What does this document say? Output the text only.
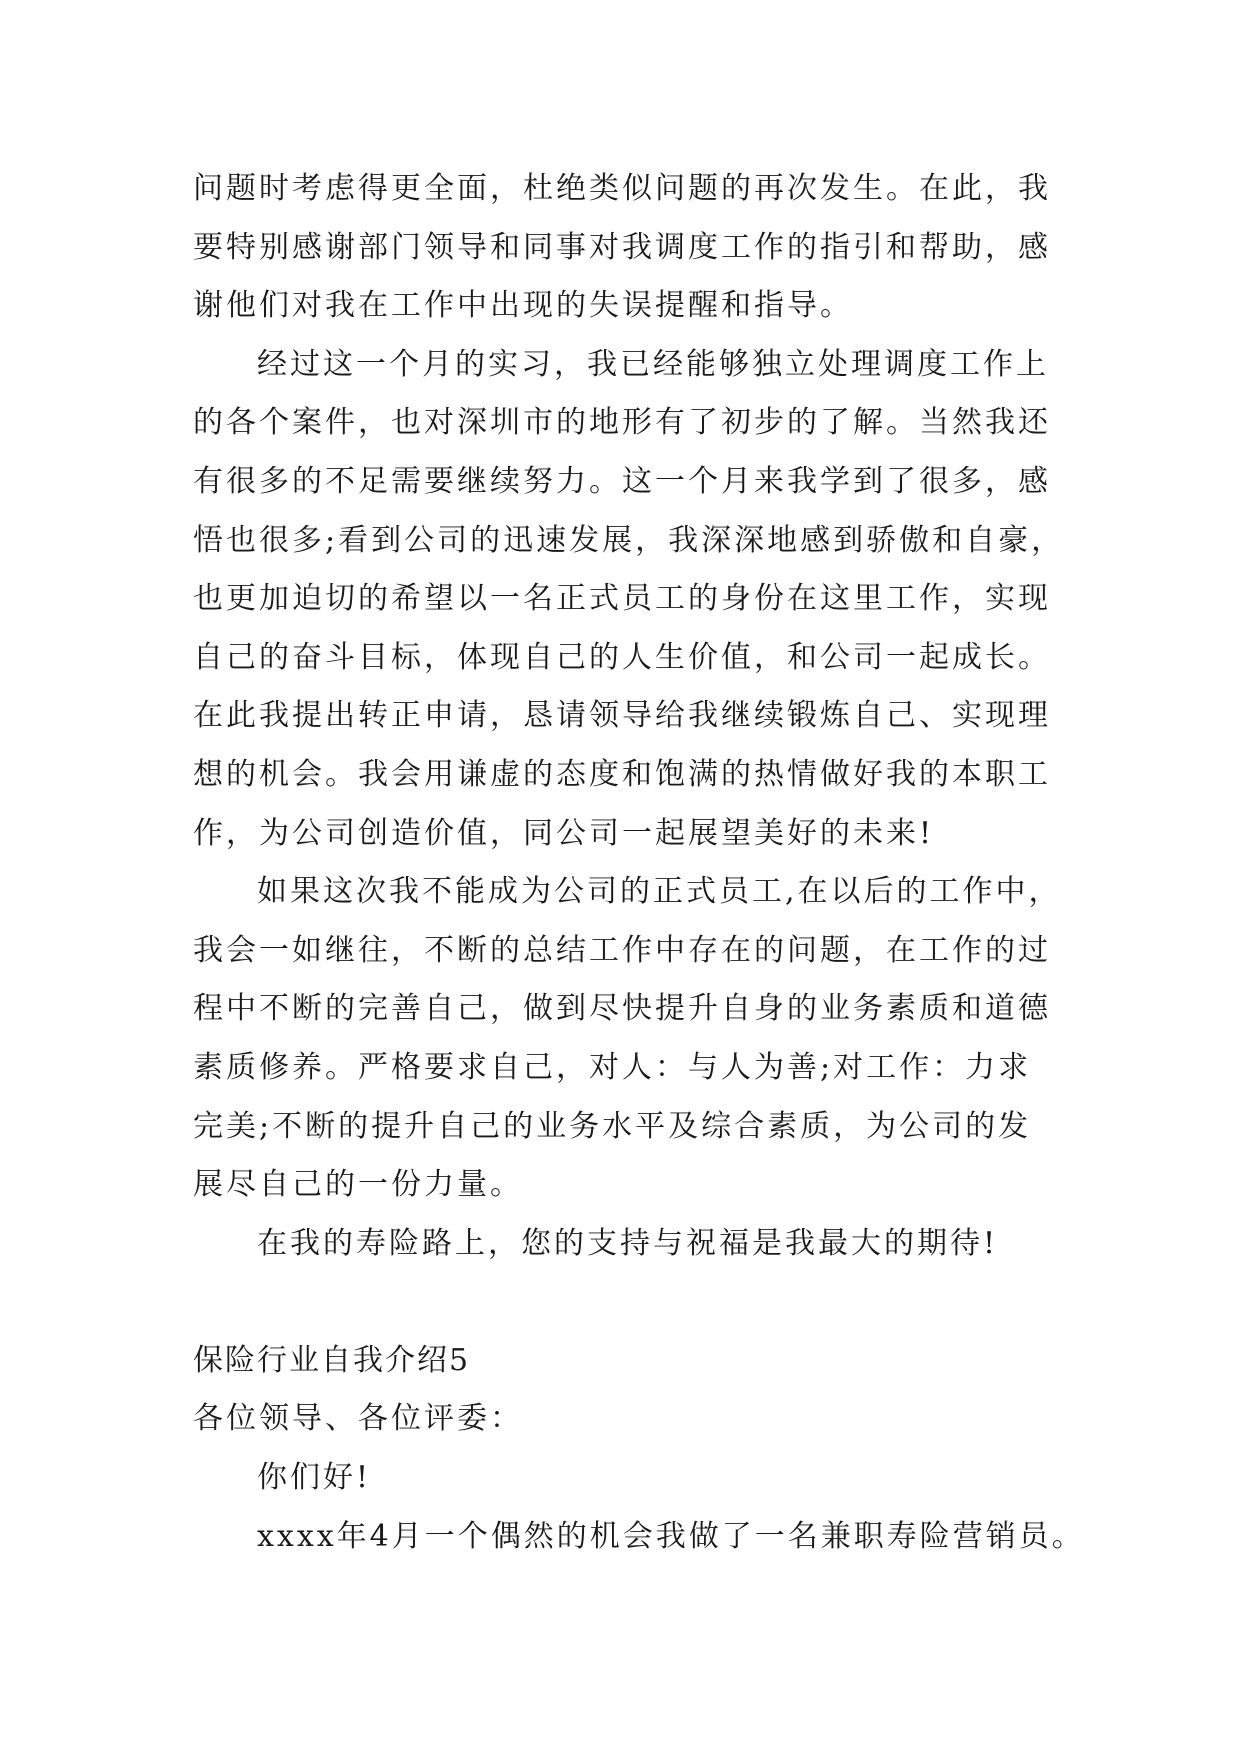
问题时考虑得更全面，杜绝类似问题的再次发生。在此，我
要特别感谢部门领导和同事对我调度工作的指引和帮助，感
谢他们对我在工作中出现的失误提醒和指导。
经过这一个月的实习，我已经能够独立处理调度工作上
的各个案件，也对深圳市的地形有了初步的了解。当然我还
有很多的不足需要继续努力。这一个月来我学到了很多，感
悟也很多;看到公司的迅速发展，我深深地感到骄傲和自豪，
也更加迫切的希望以一名正式员工的身份在这里工作，实现
自己的奋斗目标，体现自己的人生价值，和公司一起成长。
在此我提出转正申请，恳请领导给我继续锻炼自己、实现理
想的机会。我会用谦虚的态度和饱满的热情做好我的本职工
作，为公司创造价值，同公司一起展望美好的未来!
如果这次我不能成为公司的正式员工,在以后的工作中，
我会一如继往，不断的总结工作中存在的问题，在工作的过
程中不断的完善自己，做到尽快提升自身的业务素质和道德
素质修养。严格要求自己，对人：与人为善;对工作：力求
完美;不断的提升自己的业务水平及综合素质，为公司的发
展尽自己的一份力量。
在我的寿险路上，您的支持与祝福是我最大的期待!
保险行业自我介绍5
各位领导、各位评委：
你们好!
xxxx年4月一个偶然的机会我做了一名兼职寿险营销员。
